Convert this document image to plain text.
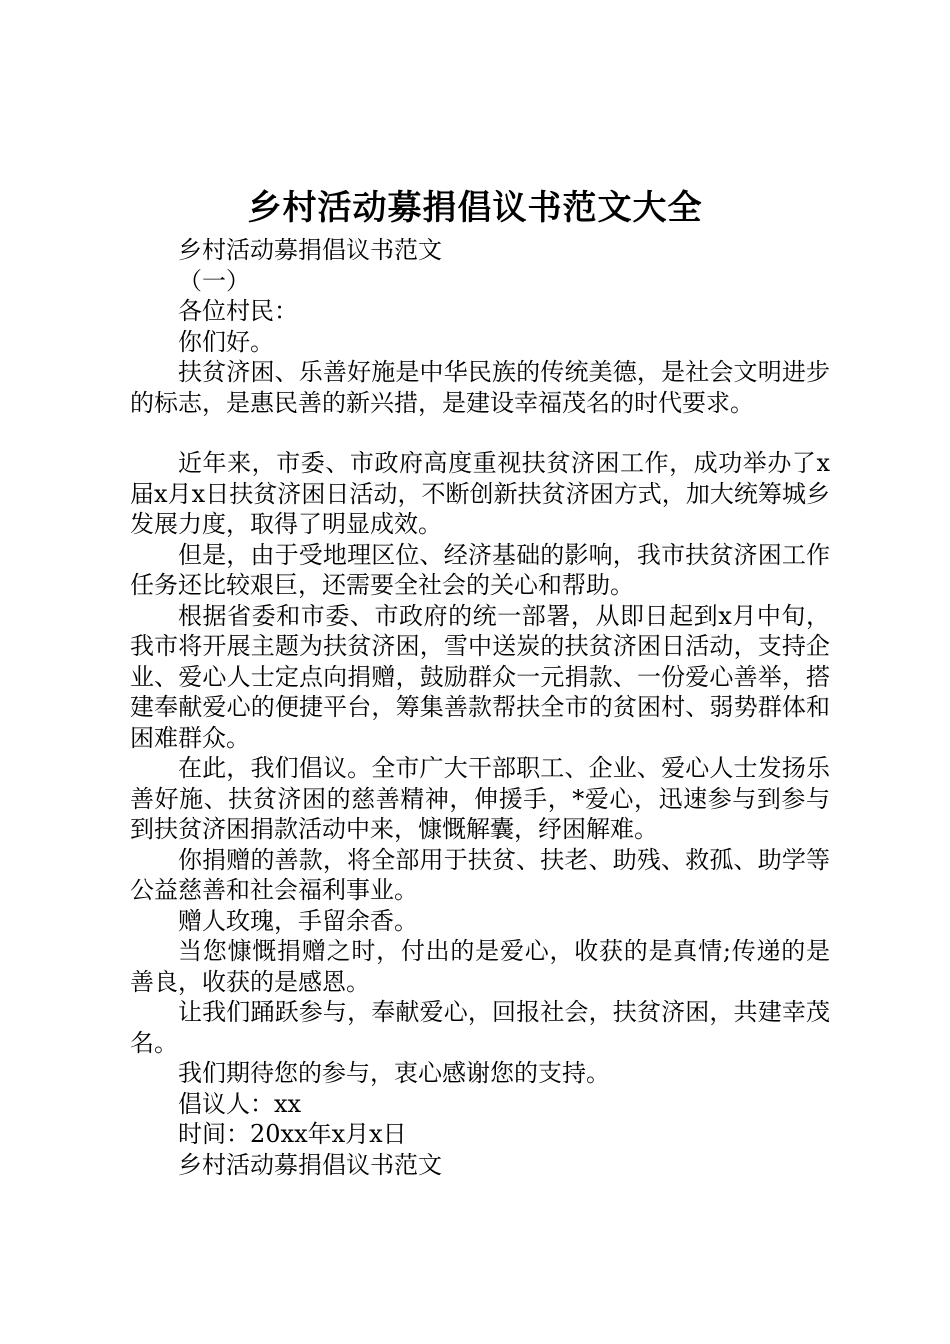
乡村活动募捐倡议书范文大全

乡村活动募捐倡议书范文

（一）

各位村民：

你们好。

扶贫济困、乐善好施是中华民族的传统美德，是社会文明进步的标志，是惠民善的新兴措，是建设幸福茂名的时代要求。

近年来，市委、市政府高度重视扶贫济困工作，成功举办了x届x月x日扶贫济困日活动，不断创新扶贫济困方式，加大统筹城乡发展力度，取得了明显成效。

但是，由于受地理区位、经济基础的影响，我市扶贫济困工作任务还比较艰巨，还需要全社会的关心和帮助。

根据省委和市委、市政府的统一部署，从即日起到x月中旬，我市将开展主题为扶贫济困，雪中送炭的扶贫济困日活动，支持企业、爱心人士定点向捐赠，鼓励群众一元捐款、一份爱心善举，搭建奉献爱心的便捷平台，筹集善款帮扶全市的贫困村、弱势群体和困难群众。

在此，我们倡议。全市广大干部职工、企业、爱心人士发扬乐善好施、扶贫济困的慈善精神，伸援手，*爱心，迅速参与到参与到扶贫济困捐款活动中来，慷慨解囊，纾困解难。

你捐赠的善款，将全部用于扶贫、扶老、助残、救孤、助学等公益慈善和社会福利事业。

赠人玫瑰，手留余香。

当您慷慨捐赠之时，付出的是爱心，收获的是真情;传递的是善良，收获的是感恩。

让我们踊跃参与，奉献爱心，回报社会，扶贫济困，共建幸茂名。

我们期待您的参与，衷心感谢您的支持。

倡议人：xx

时间：20xx年x月x日

乡村活动募捐倡议书范文
